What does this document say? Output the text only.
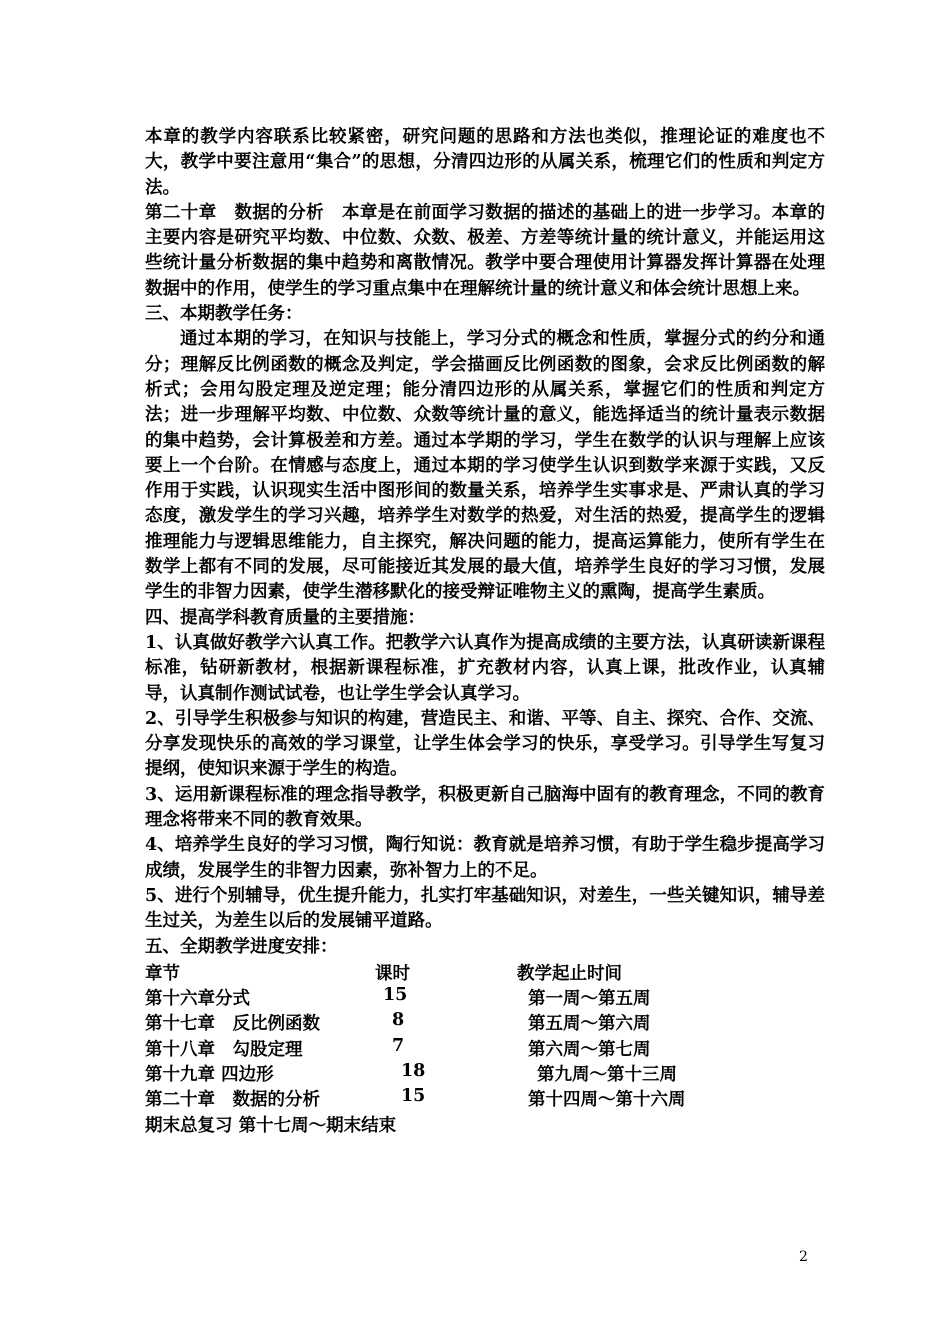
本章的教学内容联系比较紧密，研究问题的思路和方法也类似，推理论证的难度也不大，教学中要注意用“集合”的思想，分清四边形的从属关系，梳理它们的性质和判定方法。

第二十章　数据的分析　本章是在前面学习数据的描述的基础上的进一步学习。本章的主要内容是研究平均数、中位数、众数、极差、方差等统计量的统计意义，并能运用这些统计量分析数据的集中趋势和离散情况。教学中要合理使用计算器发挥计算器在处理数据中的作用，使学生的学习重点集中在理解统计量的统计意义和体会统计思想上来。

三、本期教学任务：

通过本期的学习，在知识与技能上，学习分式的概念和性质，掌握分式的约分和通分；理解反比例函数的概念及判定，学会描画反比例函数的图象，会求反比例函数的解析式；会用勾股定理及逆定理；能分清四边形的从属关系，掌握它们的性质和判定方法；进一步理解平均数、中位数、众数等统计量的意义，能选择适当的统计量表示数据的集中趋势，会计算极差和方差。通过本学期的学习，学生在数学的认识与理解上应该要上一个台阶。在情感与态度上，通过本期的学习使学生认识到数学来源于实践，又反作用于实践，认识现实生活中图形间的数量关系，培养学生实事求是、严肃认真的学习态度，激发学生的学习兴趣，培养学生对数学的热爱，对生活的热爱，提高学生的逻辑推理能力与逻辑思维能力，自主探究，解决问题的能力，提高运算能力，使所有学生在数学上都有不同的发展，尽可能接近其发展的最大值，培养学生良好的学习习惯，发展学生的非智力因素，使学生潜移默化的接受辩证唯物主义的熏陶，提高学生素质。

四、提高学科教育质量的主要措施：

1、认真做好教学六认真工作。把教学六认真作为提高成绩的主要方法，认真研读新课程标准，钻研新教材，根据新课程标准，扩充教材内容，认真上课，批改作业，认真辅导，认真制作测试试卷，也让学生学会认真学习。

2、引导学生积极参与知识的构建，营造民主、和谐、平等、自主、探究、合作、交流、分享发现快乐的高效的学习课堂，让学生体会学习的快乐，享受学习。引导学生写复习提纲，使知识来源于学生的构造。

3、运用新课程标准的理念指导教学，积极更新自己脑海中固有的教育理念，不同的教育理念将带来不同的教育效果。

4、培养学生良好的学习习惯，陶行知说：教育就是培养习惯，有助于学生稳步提高学习成绩，发展学生的非智力因素，弥补智力上的不足。

5、进行个别辅导，优生提升能力，扎实打牢基础知识，对差生，一些关键知识，辅导差生过关，为差生以后的发展铺平道路。

五、全期教学进度安排：

章节	课时	教学起止时间
第十六章分式	15	第一周～第五周
第十七章　反比例函数	8	第五周～第六周
第十八章　勾股定理	7	第六周～第七周
第十九章 四边形	18	第九周～第十三周
第二十章　数据的分析	15	第十四周～第十六周
期末总复习 第十七周～期末结束
2
